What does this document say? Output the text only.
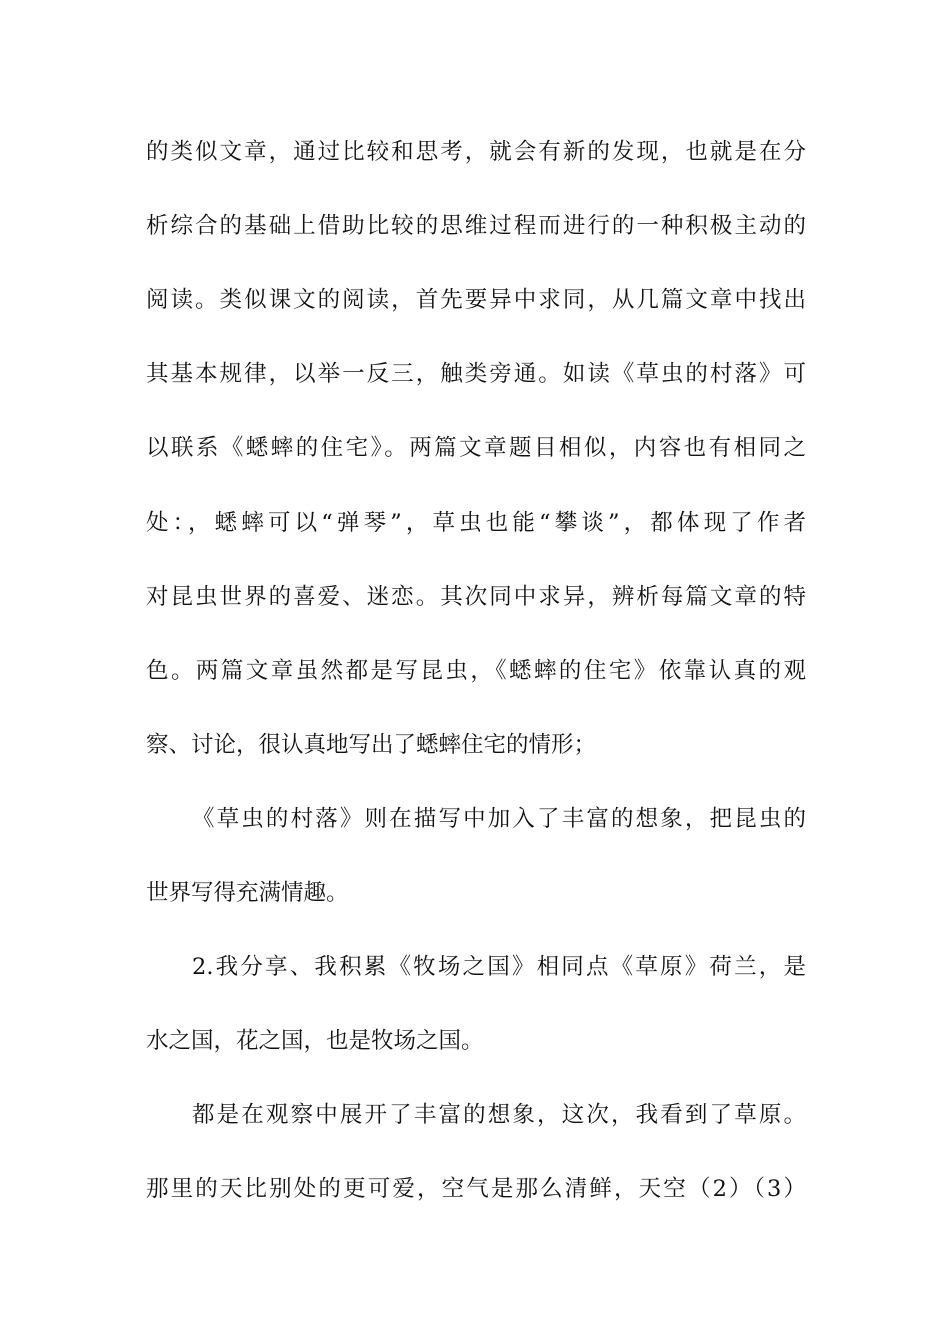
的类似文章，通过比较和思考，就会有新的发现，也就是在分
析综合的基础上借助比较的思维过程而进行的一种积极主动的
阅读。类似课文的阅读，首先要异中求同，从几篇文章中找出
其基本规律，以举一反三，触类旁通。如读《草虫的村落》可
以联系《蟋蟀的住宅》。两篇文章题目相似，内容也有相同之
处：，蟋蟀可以“弹琴”，草虫也能“攀谈”，都体现了作者
对昆虫世界的喜爱、迷恋。其次同中求异，辨析每篇文章的特
色。两篇文章虽然都是写昆虫，《蟋蟀的住宅》依靠认真的观
察、讨论，很认真地写出了蟋蟀住宅的情形；
《草虫的村落》则在描写中加入了丰富的想象，把昆虫的
世界写得充满情趣。
2.我分享、我积累《牧场之国》相同点《草原》荷兰，是
水之国，花之国，也是牧场之国。
都是在观察中展开了丰富的想象，这次，我看到了草原。
那里的天比别处的更可爱，空气是那么清鲜，天空（2）（3）
